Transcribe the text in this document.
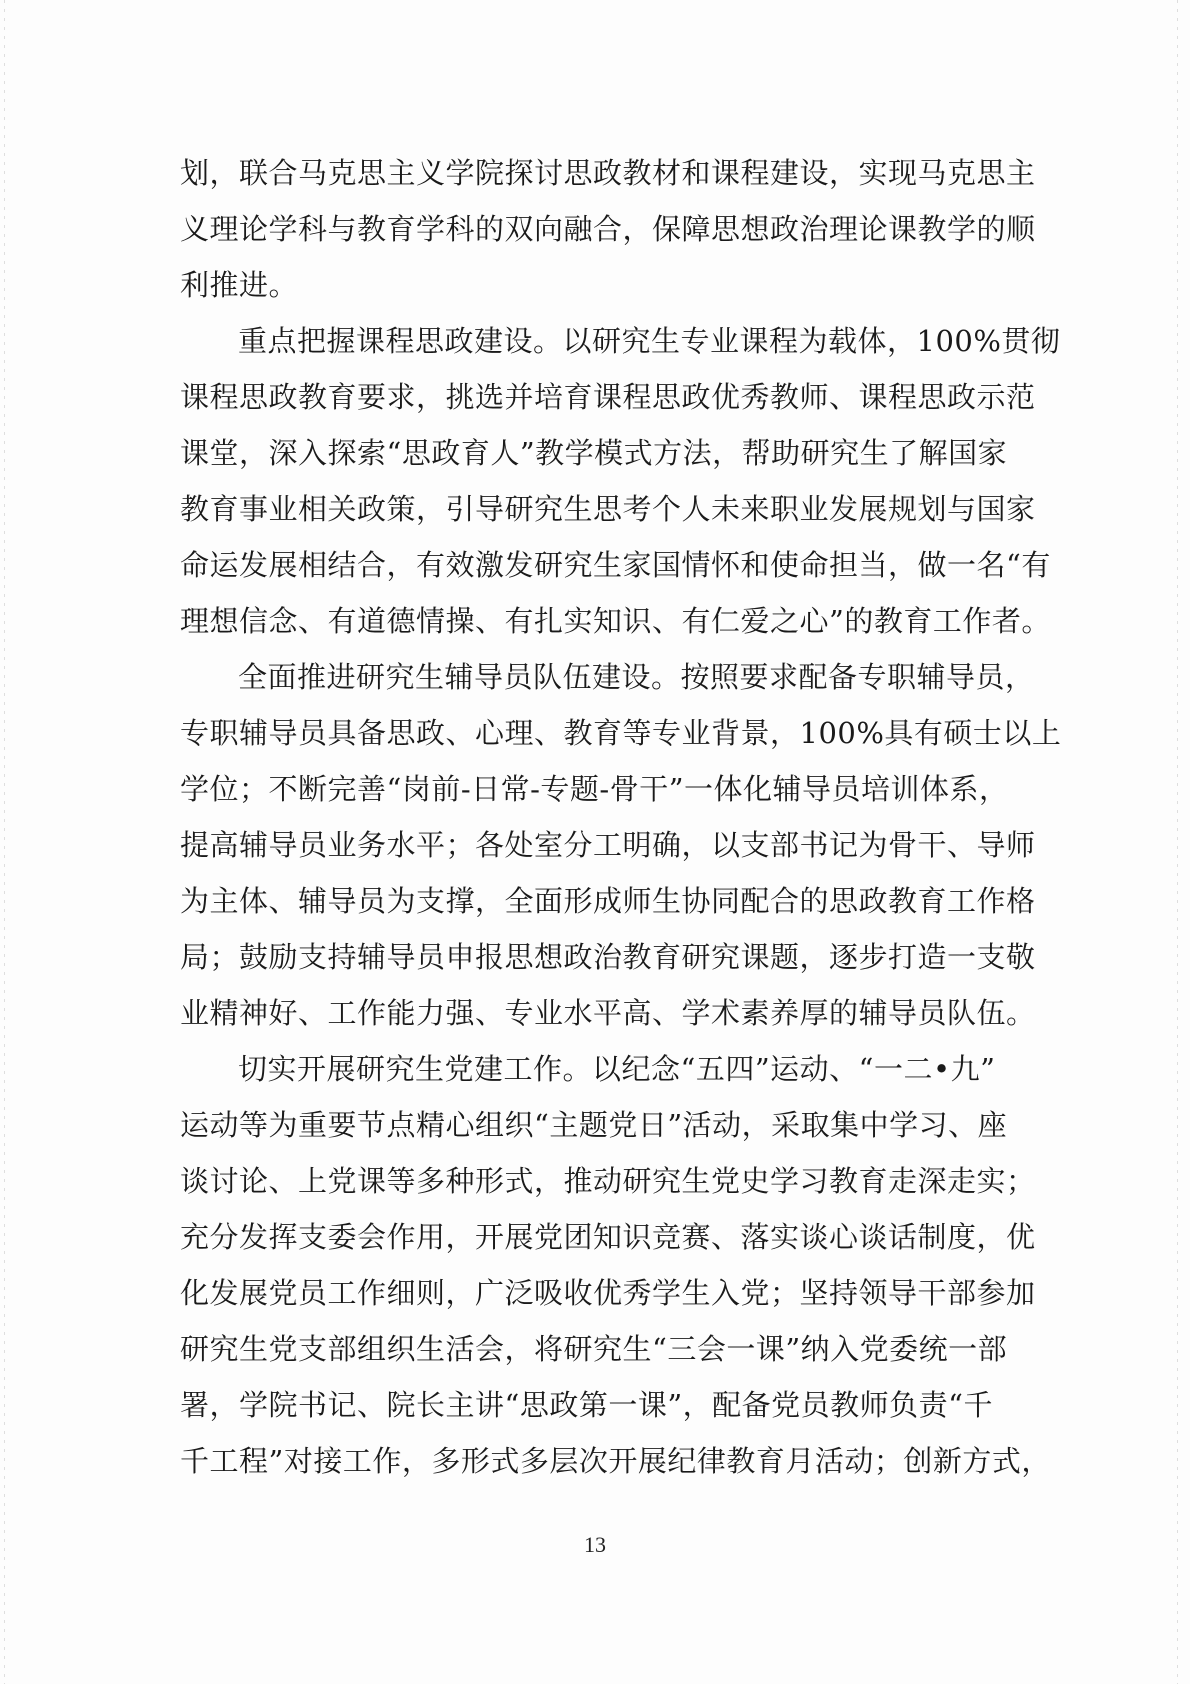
划，联合马克思主义学院探讨思政教材和课程建设，实现马克思主
义理论学科与教育学科的双向融合，保障思想政治理论课教学的顺
利推进。
重点把握课程思政建设。以研究生专业课程为载体，100%贯彻
课程思政教育要求，挑选并培育课程思政优秀教师、课程思政示范
课堂，深入探索“思政育人”教学模式方法，帮助研究生了解国家
教育事业相关政策，引导研究生思考个人未来职业发展规划与国家
命运发展相结合，有效激发研究生家国情怀和使命担当，做一名“有
理想信念、有道德情操、有扎实知识、有仁爱之心”的教育工作者。
全面推进研究生辅导员队伍建设。按照要求配备专职辅导员，
专职辅导员具备思政、心理、教育等专业背景，100%具有硕士以上
学位；不断完善“岗前-日常-专题-骨干”一体化辅导员培训体系，
提高辅导员业务水平；各处室分工明确，以支部书记为骨干、导师
为主体、辅导员为支撑，全面形成师生协同配合的思政教育工作格
局；鼓励支持辅导员申报思想政治教育研究课题，逐步打造一支敬
业精神好、工作能力强、专业水平高、学术素养厚的辅导员队伍。
切实开展研究生党建工作。以纪念“五四”运动、“一二•九”
运动等为重要节点精心组织“主题党日”活动，采取集中学习、座
谈讨论、上党课等多种形式，推动研究生党史学习教育走深走实；
充分发挥支委会作用，开展党团知识竞赛、落实谈心谈话制度，优
化发展党员工作细则，广泛吸收优秀学生入党；坚持领导干部参加
研究生党支部组织生活会，将研究生“三会一课”纳入党委统一部
署，学院书记、院长主讲“思政第一课”，配备党员教师负责“千
千工程”对接工作，多形式多层次开展纪律教育月活动；创新方式，
13
